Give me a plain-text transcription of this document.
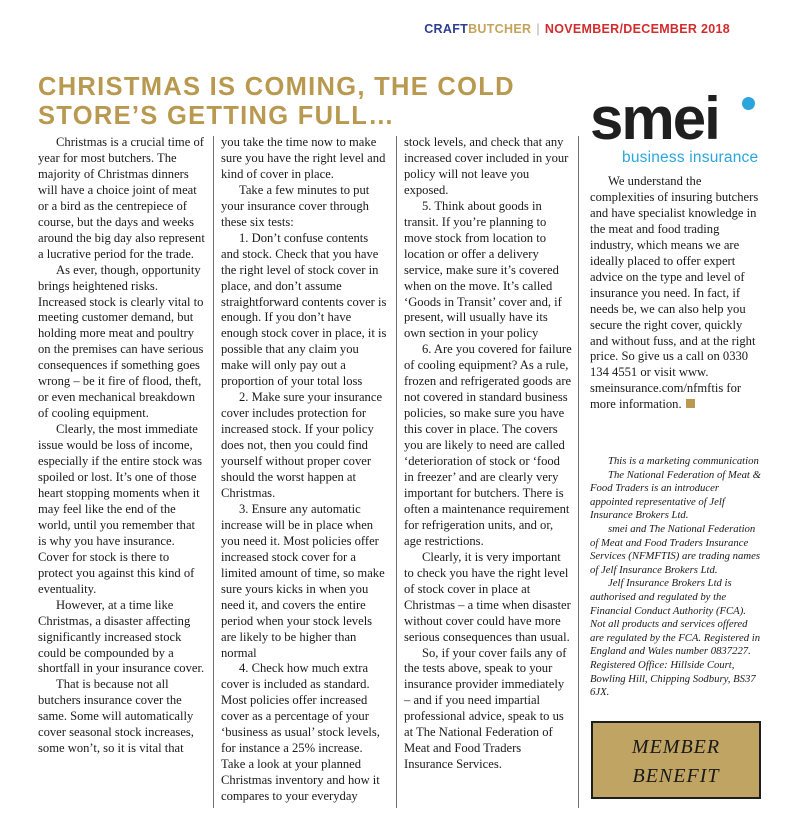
CRAFTBUTCHER | NOVEMBER/DECEMBER 2018
CHRISTMAS IS COMING, THE COLD STORE’S GETTING FULL…

Christmas is a crucial time of year for most butchers. The majority of Christmas dinners will have a choice joint of meat or a bird as the centrepiece of course, but the days and weeks around the big day also represent a lucrative period for the trade.

As ever, though, opportunity brings heightened risks. Increased stock is clearly vital to meeting customer demand, but holding more meat and poultry on the premises can have serious consequences if something goes wrong – be it fire of flood, theft, or even mechanical breakdown of cooling equipment.

Clearly, the most immediate issue would be loss of income, especially if the entire stock was spoiled or lost. It’s one of those heart stopping moments when it may feel like the end of the world, until you remember that is why you have insurance. Cover for stock is there to protect you against this kind of eventuality.

However, at a time like Christmas, a disaster affecting significantly increased stock could be compounded by a shortfall in your insurance cover.

That is because not all butchers insurance cover the same. Some will automatically cover seasonal stock increases, some won’t, so it is vital that

you take the time now to make sure you have the right level and kind of cover in place.

Take a few minutes to put your insurance cover through these six tests:

1. Don’t confuse contents and stock. Check that you have the right level of stock cover in place, and don’t assume straightforward contents cover is enough. If you don’t have enough stock cover in place, it is possible that any claim you make will only pay out a proportion of your total loss

2. Make sure your insurance cover includes protection for increased stock. If your policy does not, then you could find yourself without proper cover should the worst happen at Christmas.

3. Ensure any automatic increase will be in place when you need it. Most policies offer increased stock cover for a limited amount of time, so make sure yours kicks in when you need it, and covers the entire period when your stock levels are likely to be higher than normal

4. Check how much extra cover is included as standard. Most policies offer increased cover as a percentage of your ‘business as usual’ stock levels, for instance a 25% increase. Take a look at your planned Christmas inventory and how it compares to your everyday

stock levels, and check that any increased cover included in your policy will not leave you exposed.

5. Think about goods in transit. If you’re planning to move stock from location to location or offer a delivery service, make sure it’s covered when on the move. It’s called ‘Goods in Transit’ cover and, if present, will usually have its own section in your policy

6. Are you covered for failure of cooling equipment? As a rule, frozen and refrigerated goods are not covered in standard business policies, so make sure you have this cover in place. The covers you are likely to need are called ‘deterioration of stock or ‘food in freezer’ and are clearly very important for butchers. There is often a maintenance requirement for refrigeration units, and or, age restrictions.

Clearly, it is very important to check you have the right level of stock cover in place at Christmas – a time when disaster without cover could have more serious consequences than usual.

So, if your cover fails any of the tests above, speak to your insurance provider immediately – and if you need impartial professional advice, speak to us at The National Federation of Meat and Food Traders Insurance Services.

smei
business insurance

We understand the complexities of insuring butchers and have specialist knowledge in the meat and food trading industry, which means we are ideally placed to offer expert advice on the type and level of insurance you need. In fact, if needs be, we can also help you secure the right cover, quickly and without fuss, and at the right price. So give us a call on 0330 134 4551 or visit www. smeinsurance.com/nfmftis for more information.

This is a marketing communication

The National Federation of Meat & Food Traders is an introducer appointed representative of Jelf Insurance Brokers Ltd.

smei and The National Federation of Meat and Food Traders Insurance Services (NFMFTIS) are trading names of Jelf Insurance Brokers Ltd.

Jelf Insurance Brokers Ltd is authorised and regulated by the Financial Conduct Authority (FCA). Not all products and services offered are regulated by the FCA. Registered in England and Wales number 0837227. Registered Office: Hillside Court, Bowling Hill, Chipping Sodbury, BS37 6JX.

MEMBER
BENEFIT
